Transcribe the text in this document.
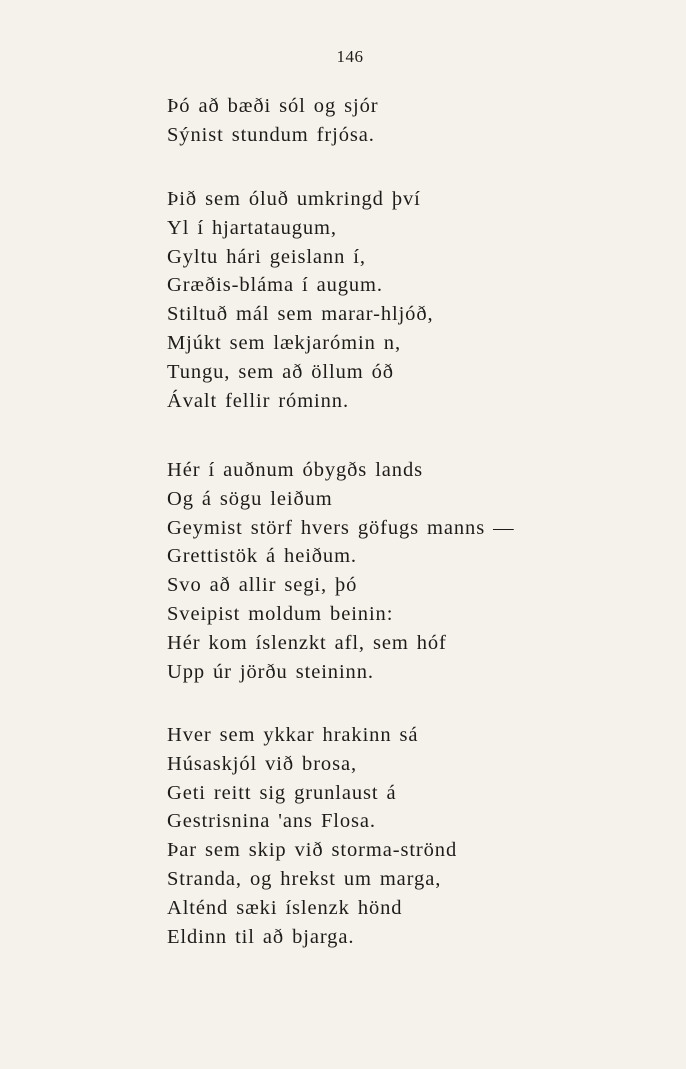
146
Þó að bæði sól og sjór
Sýnist stundum frjósa.
Þið sem óluð umkringd því
Yl í hjartataugum,
Gyltu hári geislann í,
Græðis-bláma í augum.
Stiltuð mál sem marar-hljóð,
Mjúkt sem lækjarómin n,
Tungu, sem að öllum óð
Ávalt fellir róminn.
Hér í auðnum óbygðs lands
Og á sögu leiðum
Geymist störf hvers göfugs manns —
Grettistök á heiðum.
Svo að allir segi, þó
Sveipist moldum beinin:
Hér kom íslenzkt afl, sem hóf
Upp úr jörðu steininn.
Hver sem ykkar hrakinn sá
Húsaskjól við brosa,
Geti reitt sig grunlaust á
Gestrisnina 'ans Flosa.
Þar sem skip við storma-strönd
Stranda, og hrekst um marga,
Alténd sæki íslenzk hönd
Eldinn til að bjarga.
